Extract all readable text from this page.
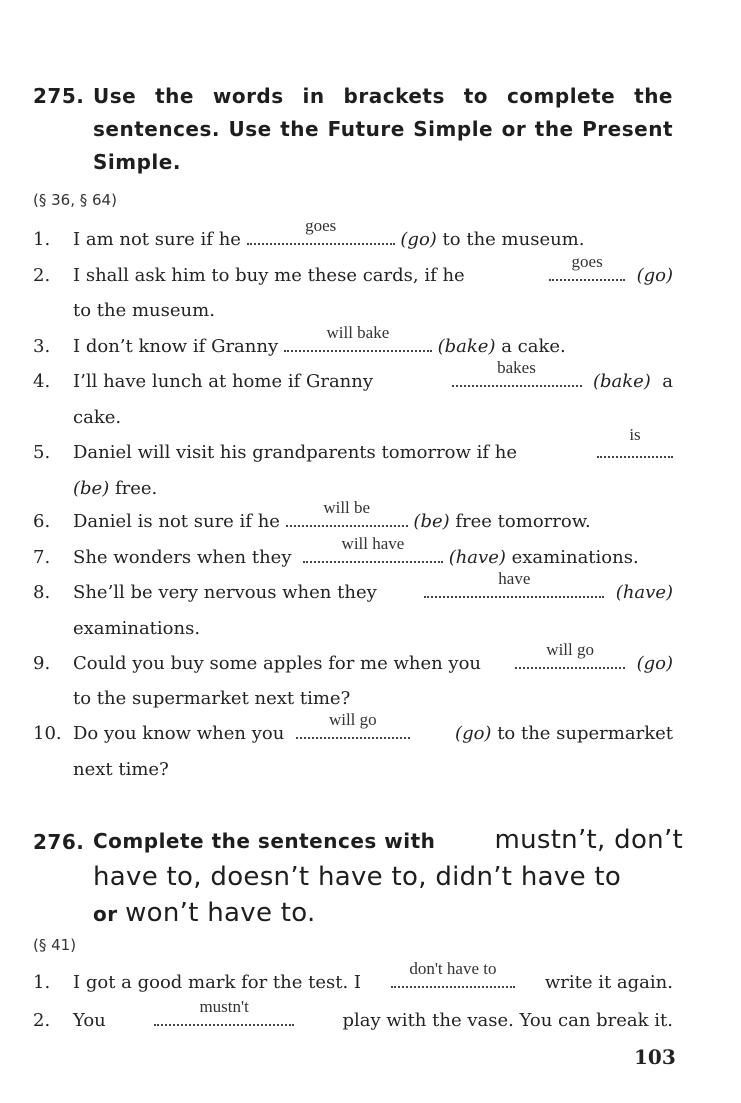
275. Use the words in brackets to complete the sentences. Use the Future Simple or the Present Simple.
(§ 36, § 64)
1. I am not sure if he

goes

(go)
to the museum.
2. I shall ask him to buy me these cards, if he
goes
(go)
to the museum.
3. I don’t know if Granny

will bake

(bake)
a cake.
4. I’ll have lunch at home if Granny
bakes
(bake) a
cake.
5. Daniel will visit his grandparents tomorrow if he
is
(be) free.
6. Daniel is not sure if he

will be

(be)
free tomorrow.
7. She wonders when they

will have

(have)
examinations.
8. She’ll be very nervous when they
have
(have)
examinations.
9. Could you buy some apples for me when you
will go
(go)
to the supermarket next time?
10. Do you know when you
will go
(go) to the supermarket
next time?
276. Complete the sentences with mustn’t, don’t
have to, doesn’t have to, didn’t have to
or won’t have to.
(§ 41)
1. I got a good mark for the test. I
don't have to
write it again.
2. You
mustn't
play with the vase. You can break it.
103
